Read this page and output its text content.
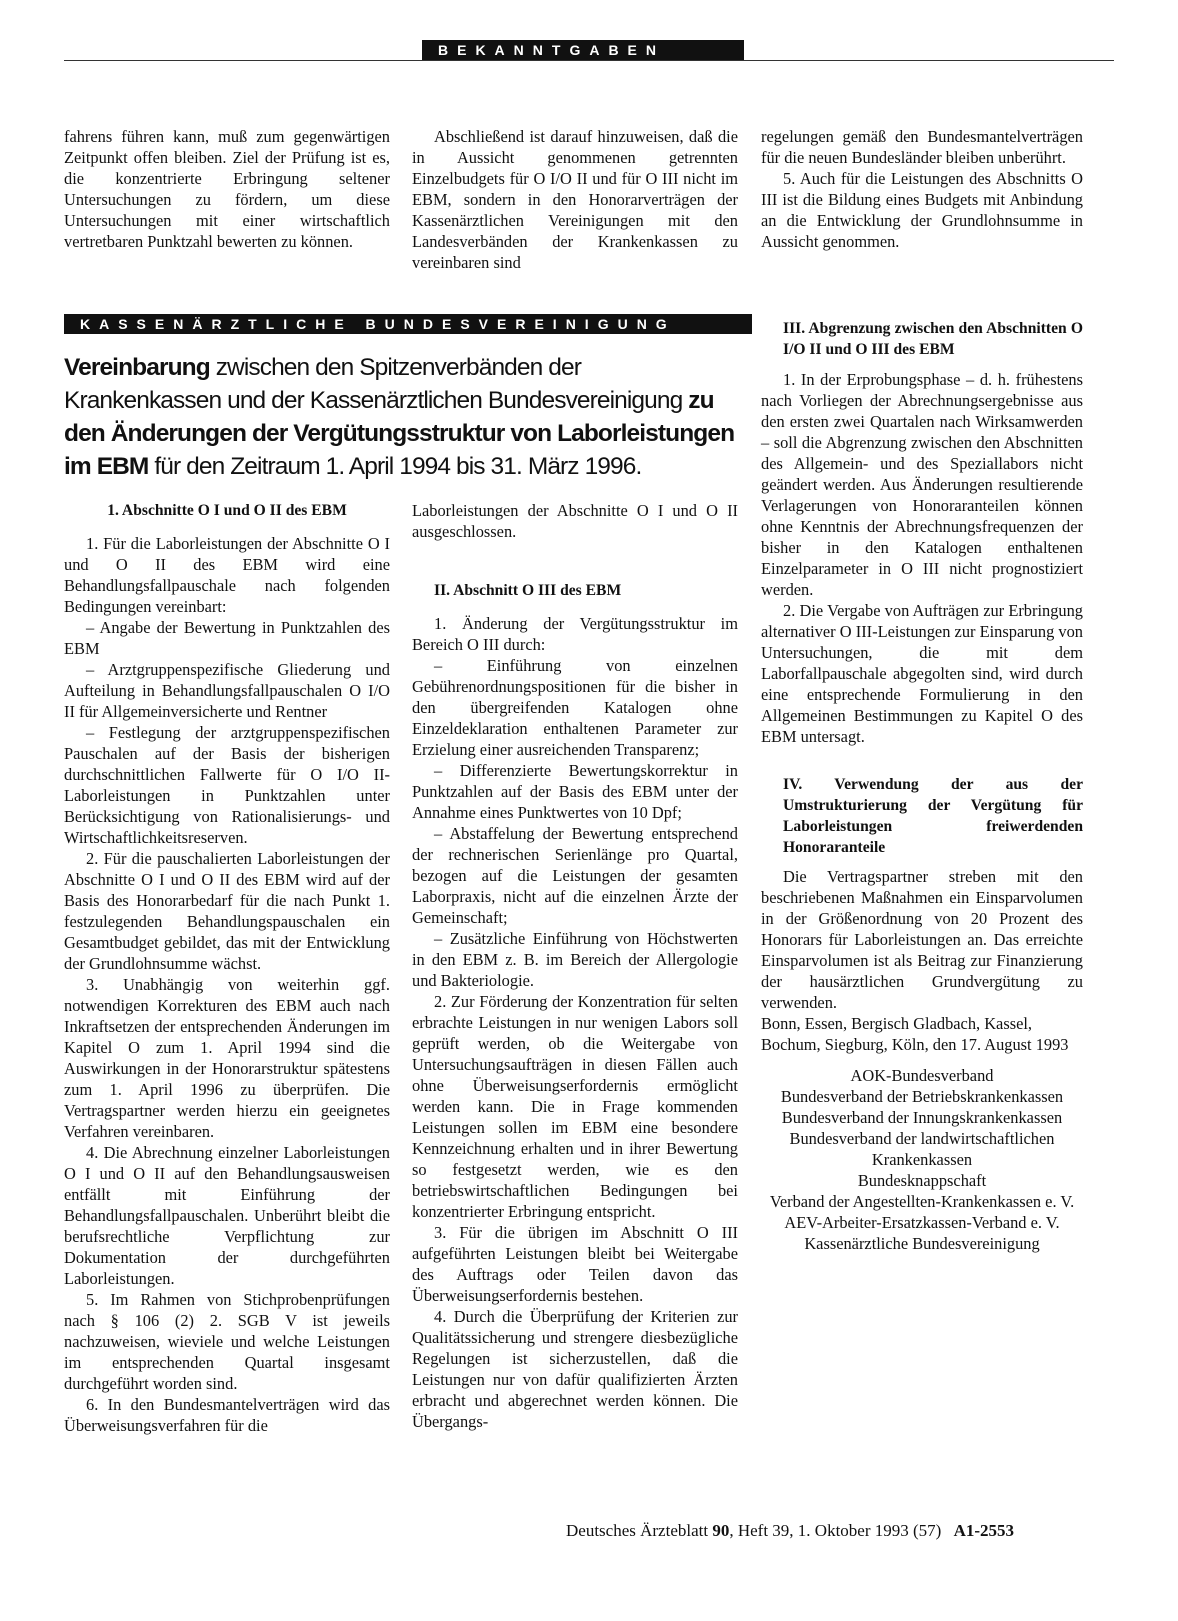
BEKANNTGABEN

fahrens führen kann, muß zum gegenwärtigen Zeitpunkt offen bleiben. Ziel der Prüfung ist es, die konzentrierte Erbringung seltener Untersuchungen zu fördern, um diese Untersuchungen mit einer wirtschaftlich vertretbaren Punktzahl bewerten zu können.

Abschließend ist darauf hinzuweisen, daß die in Aussicht genommenen getrennten Einzelbudgets für O I/O II und für O III nicht im EBM, sondern in den Honorarverträgen der Kassenärztlichen Vereinigungen mit den Landesverbänden der Krankenkassen zu vereinbaren sind

regelungen gemäß den Bundesmantelverträgen für die neuen Bundesländer bleiben unberührt.

5. Auch für die Leistungen des Abschnitts O III ist die Bildung eines Budgets mit Anbindung an die Entwicklung der Grundlohnsumme in Aussicht genommen.

KASSENÄRZTLICHE BUNDESVEREINIGUNG

Vereinbarung zwischen den Spitzenverbänden der Krankenkassen und der Kassenärztlichen Bundesvereinigung zu den Änderungen der Vergütungsstruktur von Laborleistungen im EBM für den Zeitraum 1. April 1994 bis 31. März 1996.

1. Abschnitte O I und O II des EBM

1. Für die Laborleistungen der Abschnitte O I und O II des EBM wird eine Behandlungsfallpauschale nach folgenden Bedingungen vereinbart:

– Angabe der Bewertung in Punktzahlen des EBM

– Arztgruppenspezifische Gliederung und Aufteilung in Behandlungsfallpauschalen O I/O II für Allgemeinversicherte und Rentner

– Festlegung der arztgruppenspezifischen Pauschalen auf der Basis der bisherigen durchschnittlichen Fallwerte für O I/O II-Laborleistungen in Punktzahlen unter Berücksichtigung von Rationalisierungs- und Wirtschaftlichkeitsreserven.

2. Für die pauschalierten Laborleistungen der Abschnitte O I und O II des EBM wird auf der Basis des Honorarbedarf für die nach Punkt 1. festzulegenden Behandlungspauschalen ein Gesamtbudget gebildet, das mit der Entwicklung der Grundlohnsumme wächst.

3. Unabhängig von weiterhin ggf. notwendigen Korrekturen des EBM auch nach Inkraftsetzen der entsprechenden Änderungen im Kapitel O zum 1. April 1994 sind die Auswirkungen in der Honorarstruktur spätestens zum 1. April 1996 zu überprüfen. Die Vertragspartner werden hierzu ein geeignetes Verfahren vereinbaren.

4. Die Abrechnung einzelner Laborleistungen O I und O II auf den Behandlungsausweisen entfällt mit Einführung der Behandlungsfallpauschalen. Unberührt bleibt die berufsrechtliche Verpflichtung zur Dokumentation der durchgeführten Laborleistungen.

5. Im Rahmen von Stichprobenprüfungen nach § 106 (2) 2. SGB V ist jeweils nachzuweisen, wieviele und welche Leistungen im entsprechenden Quartal insgesamt durchgeführt worden sind.

6. In den Bundesmantelverträgen wird das Überweisungsverfahren für die

Laborleistungen der Abschnitte O I und O II ausgeschlossen.

II. Abschnitt O III des EBM

1. Änderung der Vergütungsstruktur im Bereich O III durch:

– Einführung von einzelnen Gebührenordnungspositionen für die bisher in den übergreifenden Katalogen ohne Einzeldeklaration enthaltenen Parameter zur Erzielung einer ausreichenden Transparenz;

– Differenzierte Bewertungskorrektur in Punktzahlen auf der Basis des EBM unter der Annahme eines Punktwertes von 10 Dpf;

– Abstaffelung der Bewertung entsprechend der rechnerischen Serienlänge pro Quartal, bezogen auf die Leistungen der gesamten Laborpraxis, nicht auf die einzelnen Ärzte der Gemeinschaft;

– Zusätzliche Einführung von Höchstwerten in den EBM z. B. im Bereich der Allergologie und Bakteriologie.

2. Zur Förderung der Konzentration für selten erbrachte Leistungen in nur wenigen Labors soll geprüft werden, ob die Weitergabe von Untersuchungsaufträgen in diesen Fällen auch ohne Überweisungserfordernis ermöglicht werden kann. Die in Frage kommenden Leistungen sollen im EBM eine besondere Kennzeichnung erhalten und in ihrer Bewertung so festgesetzt werden, wie es den betriebswirtschaftlichen Bedingungen bei konzentrierter Erbringung entspricht.

3. Für die übrigen im Abschnitt O III aufgeführten Leistungen bleibt bei Weitergabe des Auftrags oder Teilen davon das Überweisungserfordernis bestehen.

4. Durch die Überprüfung der Kriterien zur Qualitätssicherung und strengere diesbezügliche Regelungen ist sicherzustellen, daß die Leistungen nur von dafür qualifizierten Ärzten erbracht und abgerechnet werden können. Die Übergangs-

III. Abgrenzung zwischen den Abschnitten O I/O II und O III des EBM

1. In der Erprobungsphase – d. h. frühestens nach Vorliegen der Abrechnungsergebnisse aus den ersten zwei Quartalen nach Wirksamwerden – soll die Abgrenzung zwischen den Abschnitten des Allgemein- und des Speziallabors nicht geändert werden. Aus Änderungen resultierende Verlagerungen von Honoraranteilen können ohne Kenntnis der Abrechnungsfrequenzen der bisher in den Katalogen enthaltenen Einzelparameter in O III nicht prognostiziert werden.

2. Die Vergabe von Aufträgen zur Erbringung alternativer O III-Leistungen zur Einsparung von Untersuchungen, die mit dem Laborfallpauschale abgegolten sind, wird durch eine entsprechende Formulierung in den Allgemeinen Bestimmungen zu Kapitel O des EBM untersagt.

IV. Verwendung der aus der Umstrukturierung der Vergütung für Laborleistungen freiwerdenden Honoraranteile

Die Vertragspartner streben mit den beschriebenen Maßnahmen ein Einsparvolumen in der Größenordnung von 20 Prozent des Honorars für Laborleistungen an. Das erreichte Einsparvolumen ist als Beitrag zur Finanzierung der hausärztlichen Grundvergütung zu verwenden.

Bonn, Essen, Bergisch Gladbach, Kassel, Bochum, Siegburg, Köln, den 17. August 1993

AOK-Bundesverband

Bundesverband der Betriebskrankenkassen

Bundesverband der Innungskrankenkassen

Bundesverband der landwirtschaftlichen Krankenkassen

Bundesknappschaft

Verband der Angestellten-Krankenkassen e. V.

AEV-Arbeiter-Ersatzkassen-Verband e. V.

Kassenärztliche Bundesvereinigung

Deutsches Ärzteblatt 90, Heft 39, 1. Oktober 1993 (57) A1-2553
